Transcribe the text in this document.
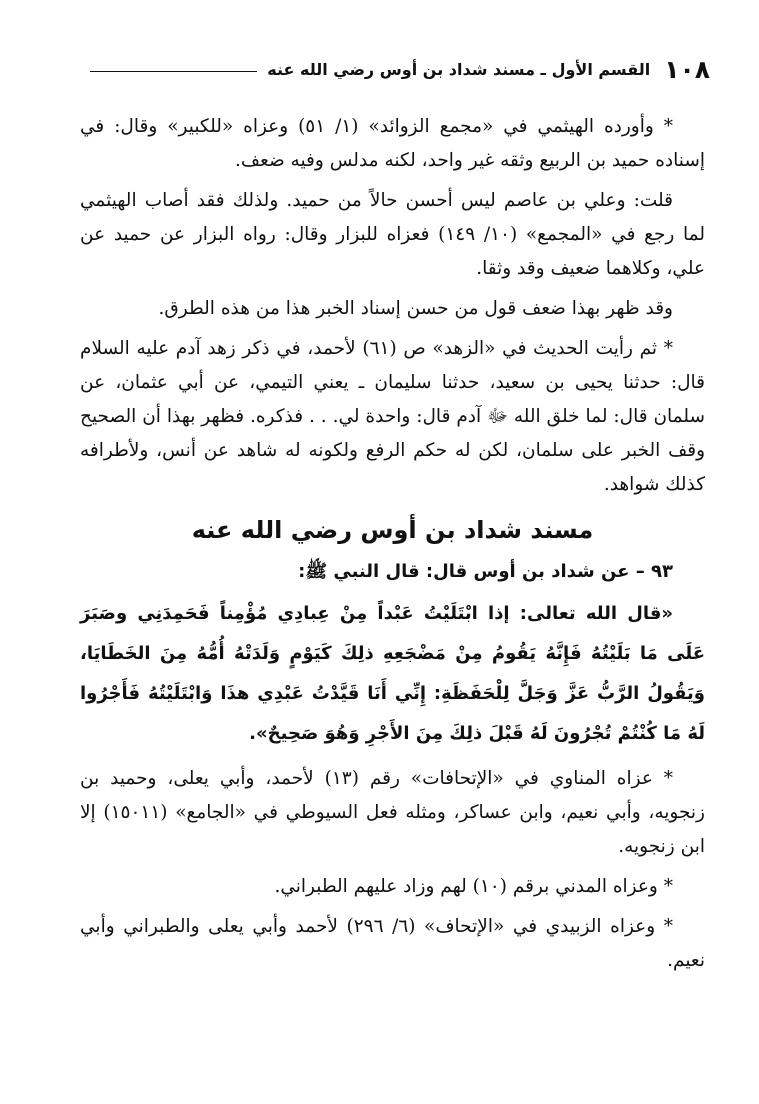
١٠٨
القسم الأول ـ مسند شداد بن أوس رضي الله عنه

* وأورده الهيثمي في «مجمع الزوائد» (١/ ٥١) وعزاه «للكبير» وقال: في إسناده حميد بن الربيع وثقه غير واحد، لكنه مدلس وفيه ضعف.

قلت: وعلي بن عاصم ليس أحسن حالاً من حميد. ولذلك فقد أصاب الهيثمي لما رجع في «المجمع» (١٠/ ١٤٩) فعزاه للبزار وقال: رواه البزار عن حميد عن علي، وكلاهما ضعيف وقد وثقا.

وقد ظهر بهذا ضعف قول من حسن إسناد الخبر هذا من هذه الطرق.

* ثم رأيت الحديث في «الزهد» ص (٦١) لأحمد، في ذكر زهد آدم عليه السلام قال: حدثنا يحيى بن سعيد، حدثنا سليمان ـ يعني التيمي، عن أبي عثمان، عن سلمان قال: لما خلق الله ﷻ آدم قال: واحدة لي. . . فذكره. فظهر بهذا أن الصحيح وقف الخبر على سلمان، لكن له حكم الرفع ولكونه له شاهد عن أنس، ولأطرافه كذلك شواهد.

مسند شداد بن أوس رضي الله عنه

٩٣ – عن شداد بن أوس قال: قال النبي ﷺ:

«قال الله تعالى: إذا ابْتَلَيْتُ عَبْداً مِنْ عِبادِي مُؤْمِناً فَحَمِدَنِي وصَبَرَ عَلَى مَا بَلَيْتُهُ فَإِنَّهُ يَقُومُ مِنْ مَضْجَعِهِ ذلِكَ كَيَوْمٍ وَلَدَتْهُ أُمُّهُ مِنَ الخَطَايَا، وَيَقُولُ الرَّبُّ عَزَّ وَجَلَّ لِلْحَفَظَةِ: إِنِّي أَنَا قَيَّدْتُ عَبْدِي هذَا وَابْتَلَيْتُهُ فَأَجْرُوا لَهُ مَا كُنْتُمْ تُجْرُونَ لَهُ قَبْلَ ذلِكَ مِنَ الأَجْرِ وَهُوَ صَحِيحٌ».

* عزاه المناوي في «الإتحافات» رقم (١٣) لأحمد، وأبي يعلى، وحميد بن زنجويه، وأبي نعيم، وابن عساكر، ومثله فعل السيوطي في «الجامع» (١٥٠١١) إلا ابن زنجويه.

* وعزاه المدني برقم (١٠) لهم وزاد عليهم الطبراني.

* وعزاه الزبيدي في «الإتحاف» (٦/ ٢٩٦) لأحمد وأبي يعلى والطبراني وأبي نعيم.
